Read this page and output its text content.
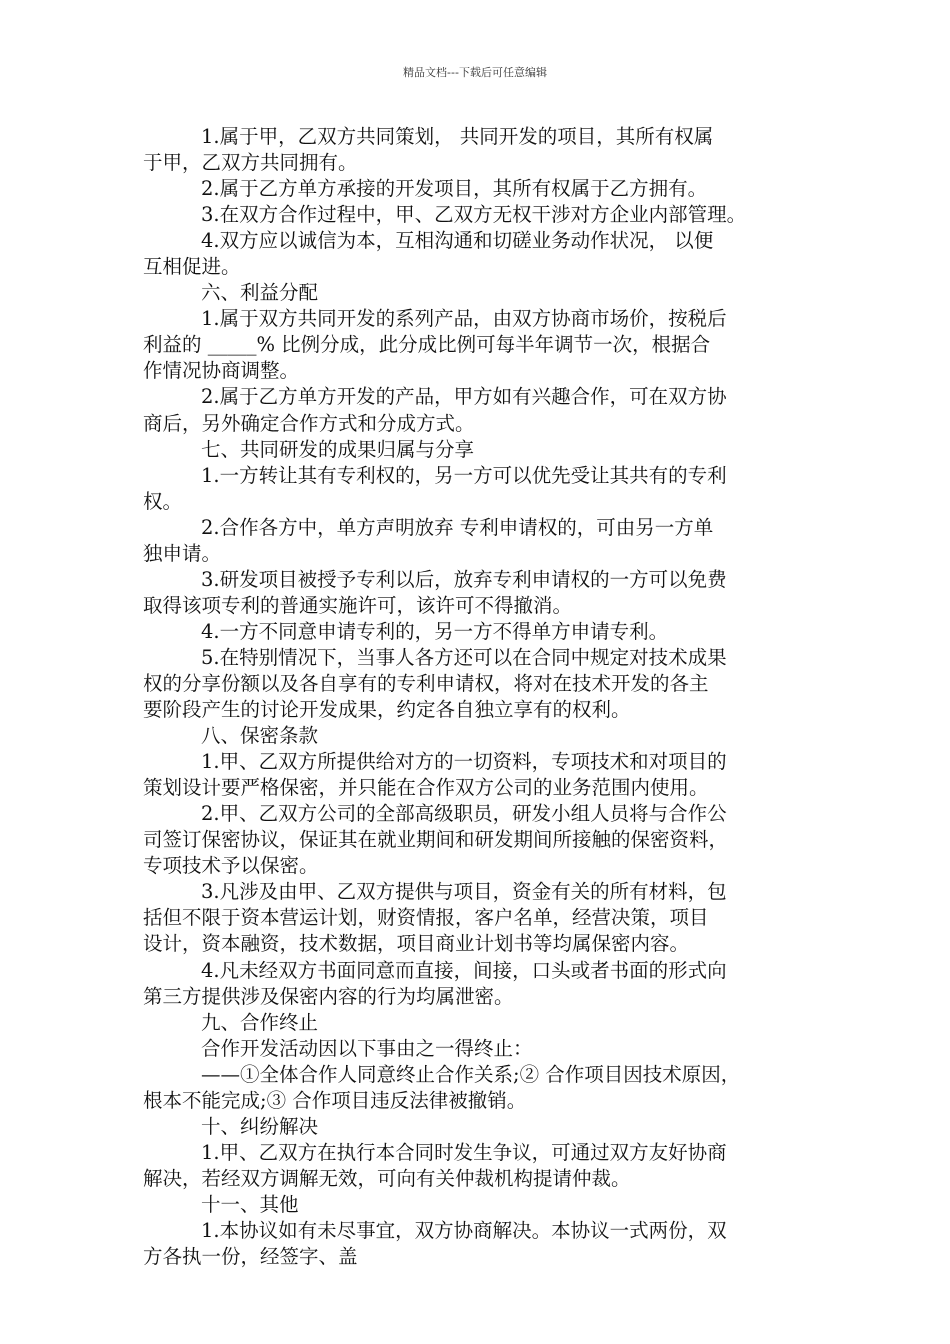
精品文档---下载后可任意编辑
1.属于甲，乙双方共同策划， 共同开发的项目，其所有权属
于甲，乙双方共同拥有。
2.属于乙方单方承接的开发项目，其所有权属于乙方拥有。
3.在双方合作过程中，甲、乙双方无权干涉对方企业内部管理。
4.双方应以诚信为本，互相沟通和切磋业务动作状况， 以便
互相促进。
六、利益分配
1.属于双方共同开发的系列产品，由双方协商市场价，按税后
利益的 _____% 比例分成，此分成比例可每半年调节一次，根据合
作情况协商调整。
2.属于乙方单方开发的产品，甲方如有兴趣合作，可在双方协
商后，另外确定合作方式和分成方式。
七、共同研发的成果归属与分享
1.一方转让其有专利权的，另一方可以优先受让其共有的专利
权。
2.合作各方中，单方声明放弃 专利申请权的，可由另一方单
独申请。
3.研发项目被授予专利以后，放弃专利申请权的一方可以免费
取得该项专利的普通实施许可，该许可不得撤消。
4.一方不同意申请专利的，另一方不得单方申请专利。
5.在特别情况下，当事人各方还可以在合同中规定对技术成果
权的分享份额以及各自享有的专利申请权，将对在技术开发的各主
要阶段产生的讨论开发成果，约定各自独立享有的权利。
八、保密条款
1.甲、乙双方所提供给对方的一切资料，专项技术和对项目的
策划设计要严格保密，并只能在合作双方公司的业务范围内使用。
2.甲、乙双方公司的全部高级职员，研发小组人员将与合作公
司签订保密协议，保证其在就业期间和研发期间所接触的保密资料，
专项技术予以保密。
3.凡涉及由甲、乙双方提供与项目，资金有关的所有材料，包
括但不限于资本营运计划，财资情报，客户名单，经营决策，项目
设计，资本融资，技术数据，项目商业计划书等均属保密内容。
4.凡未经双方书面同意而直接，间接，口头或者书面的形式向
第三方提供涉及保密内容的行为均属泄密。
九、合作终止
合作开发活动因以下事由之一得终止：
——①全体合作人同意终止合作关系;② 合作项目因技术原因，
根本不能完成;③ 合作项目违反法律被撤销。
十、纠纷解决
1.甲、乙双方在执行本合同时发生争议，可通过双方友好协商
解决，若经双方调解无效，可向有关仲裁机构提请仲裁。
十一、其他
1.本协议如有未尽事宜，双方协商解决。本协议一式两份，双
方各执一份，经签字、盖
